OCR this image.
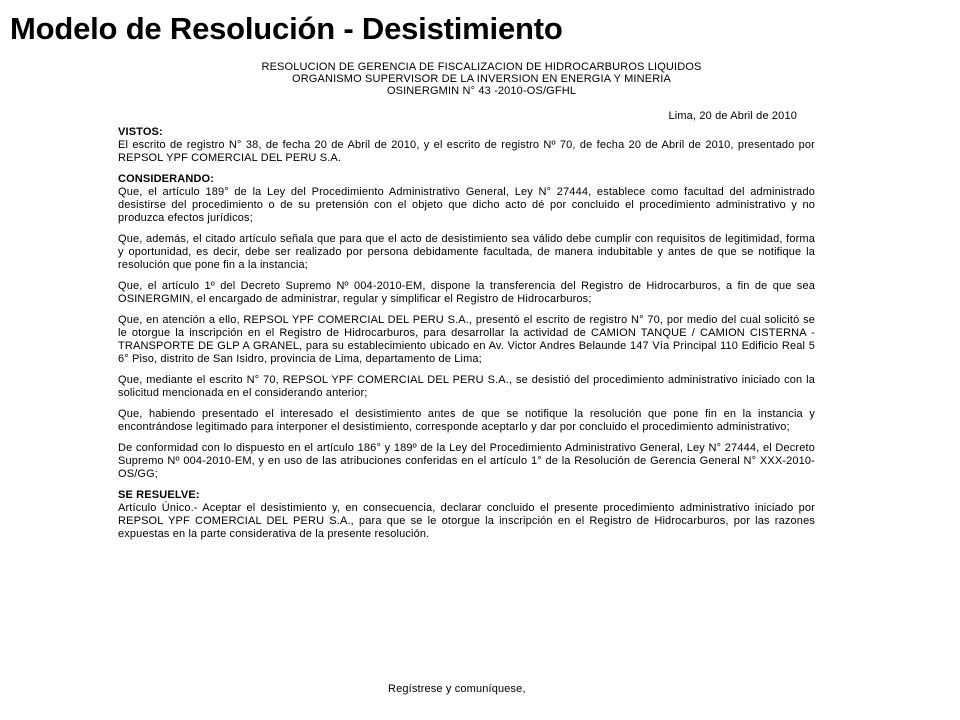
Modelo de Resolución - Desistimiento
RESOLUCION DE GERENCIA DE FISCALIZACION DE HIDROCARBUROS LIQUIDOS
ORGANISMO SUPERVISOR DE LA INVERSION EN ENERGIA Y MINERIA
OSINERGMIN N° 43 -2010-OS/GFHL
Lima, 20 de Abril de 2010
VISTOS:

El escrito de registro N° 38, de fecha 20 de Abril de 2010, y el escrito de registro Nº 70, de fecha 20 de Abril de 2010, presentado por REPSOL YPF COMERCIAL DEL PERU S.A.

CONSIDERANDO:

Que, el artículo 189° de la Ley del Procedimiento Administrativo General, Ley N° 27444, establece como facultad del administrado desistirse del procedimiento o de su pretensión con el objeto que dicho acto dé por concluido el procedimiento administrativo y no produzca efectos jurídicos;

Que, además, el citado artículo señala que para que el acto de desistimiento sea válido debe cumplir con requisitos de legitimidad, forma y oportunidad, es decir, debe ser realizado por persona debidamente facultada, de manera indubitable y antes de que se notifique la resolución que pone fin a la instancia;

Que, el artículo 1º del Decreto Supremo Nº 004-2010-EM, dispone la transferencia del Registro de Hidrocarburos, a fin de que sea OSINERGMIN, el encargado de administrar, regular y simplificar el Registro de Hidrocarburos;

Que, en atención a ello, REPSOL YPF COMERCIAL DEL PERU S.A., presentó el escrito de registro N° 70, por medio del cual solicitó se le otorgue la inscripción en el Registro de Hidrocarburos, para desarrollar la actividad de CAMION TANQUE / CAMION CISTERNA - TRANSPORTE DE GLP A GRANEL, para su establecimiento ubicado en Av. Victor Andres Belaunde 147 Vía Principal 110 Edificio Real 5 6° Piso, distrito de San Isidro, provincia de Lima, departamento de Lima;

Que, mediante el escrito N° 70, REPSOL YPF COMERCIAL DEL PERU S.A., se desistió del procedimiento administrativo iniciado con la solicitud mencionada en el considerando anterior;

Que, habiendo presentado el interesado el desistimiento antes de que se notifique la resolución que pone fin en la instancia y encontrándose legitimado para interponer el desistimiento, corresponde aceptarlo y dar por concluido el procedimiento administrativo;

De conformidad con lo dispuesto en el artículo 186° y 189º de la Ley del Procedimiento Administrativo General, Ley N° 27444, el Decreto Supremo Nº 004-2010-EM, y en uso de las atribuciones conferidas en el artículo 1° de la Resolución de Gerencia General N° XXX-2010-OS/GG;

SE RESUELVE:

Artículo Único.- Aceptar el desistimiento y, en consecuencia, declarar concluido el presente procedimiento administrativo iniciado por REPSOL YPF COMERCIAL DEL PERU S.A., para que se le otorgue la inscripción en el Registro de Hidrocarburos, por las razones expuestas en la parte considerativa de la presente resolución.

Regístrese y comuníquese,
